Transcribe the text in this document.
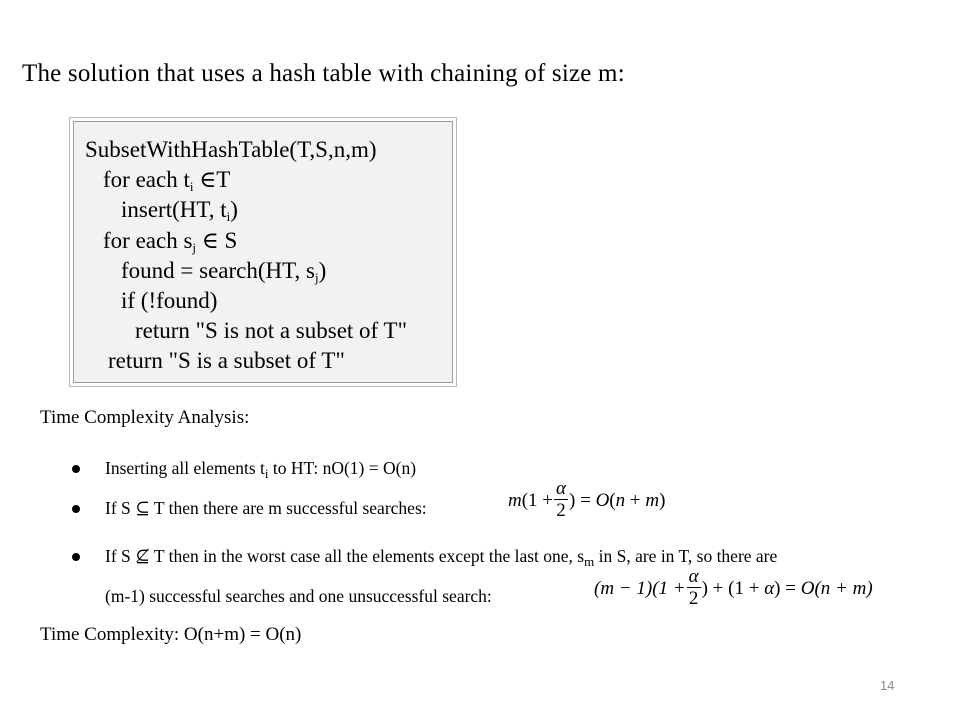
The solution that uses a hash table with chaining of size m:
SubsetWithHashTable(T,S,n,m)
for each $t_i$ ∈T
insert(HT, $t_i$)
for each $s_j$ ∈ S
found = search(HT, $s_j$)
if (!found)
return "S is not a subset of T"
return "S is a subset of T"
Time Complexity Analysis:
Inserting all elements $t_i$ to HT: nO(1) = O(n)
If S ⊆ T then there are m successful searches:	$m(1 + \frac{\alpha}{2}$ ) = O(n + m)
If S ⊈ T then in the worst case all the elements except the last one, $s_m$ in S, are in T, so there are
(m-1) successful searches and one unsuccessful search:	$(m - 1)(1 + \frac{\alpha}{2}$ ) + (1 + α) = O(n + m)
Time Complexity: O(n+m) = O(n)
14
